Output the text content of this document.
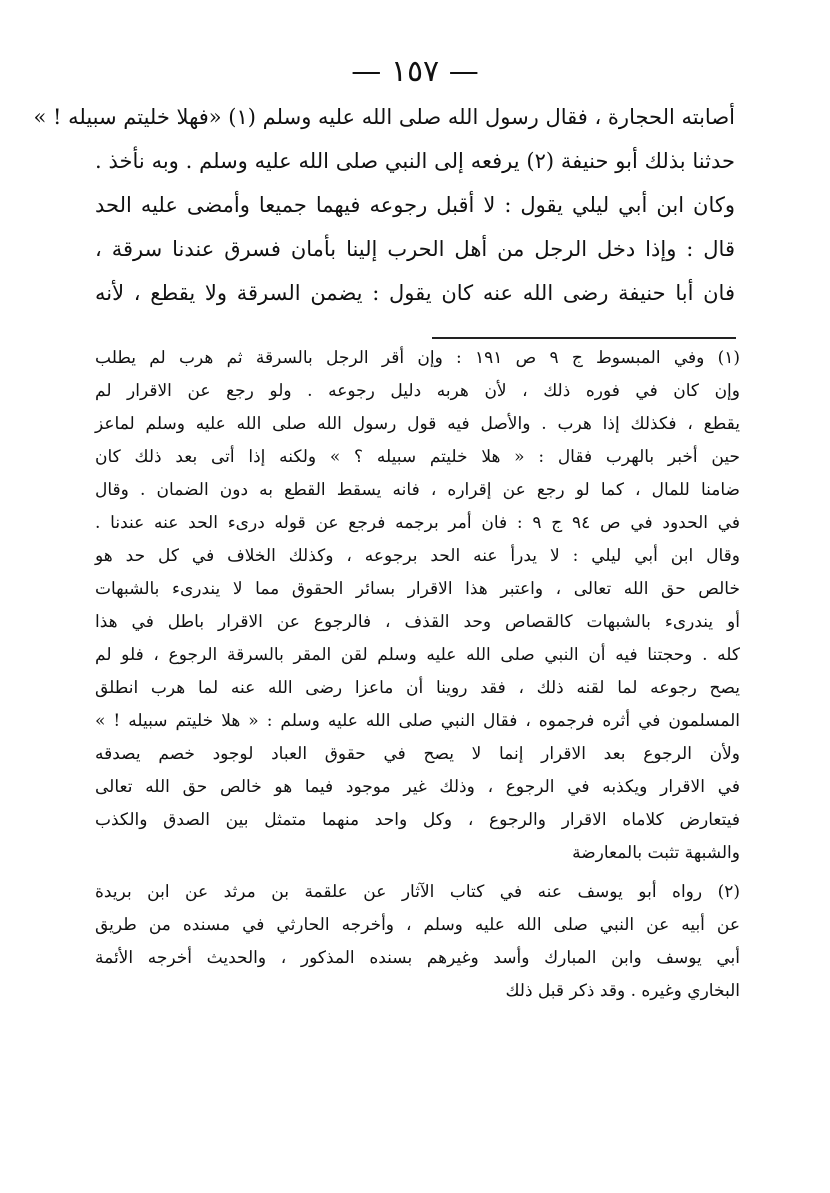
— ١٥٧ —
أصابته الحجارة ، فقال رسول الله صلى الله عليه وسلم (١) «فهلا خليتم سبيله ! »
حدثنا بذلك أبو حنيفة (٢) يرفعه إلى النبي صلى الله عليه وسلم . وبه نأخذ .
وكان ابن أبي ليلي يقول : لا أقبل رجوعه فيهما جميعا وأمضى عليه الحد
قال : وإذا دخل الرجل من أهل الحرب إلينا بأمان فسرق عندنا سرقة ،
فان أبا حنيفة رضى الله عنه كان يقول : يضمن السرقة ولا يقطع ، لأنه
(١) وفي المبسوط ج ٩ ص ١٩١ : وإن أقر الرجل بالسرقة ثم هرب لم يطلب
وإن كان في فوره ذلك ، لأن هربه دليل رجوعه . ولو رجع عن الاقرار لم
يقطع ، فكذلك إذا هرب . والأصل فيه قول رسول الله صلى الله عليه وسلم لماعز
حين أخبر بالهرب فقال : « هلا خليتم سبيله ؟ » ولكنه إذا أتى بعد ذلك كان
ضامنا للمال ، كما لو رجع عن إقراره ، فانه يسقط القطع به دون الضمان . وقال
في الحدود في ص ٩٤ ج ٩ : فان أمر برجمه فرجع عن قوله درىء الحد عنه عندنا .
وقال ابن أبي ليلي : لا يدرأ عنه الحد برجوعه ، وكذلك الخلاف في كل حد هو
خالص حق الله تعالى ، واعتبر هذا الاقرار بسائر الحقوق مما لا يندرىء بالشبهات
أو يندرىء بالشبهات كالقصاص وحد القذف ، فالرجوع عن الاقرار باطل في هذا
كله . وحجتنا فيه أن النبي صلى الله عليه وسلم لقن المقر بالسرقة الرجوع ، فلو لم
يصح رجوعه لما لقنه ذلك ، فقد روينا أن ماعزا رضى الله عنه لما هرب انطلق
المسلمون في أثره فرجموه ، فقال النبي صلى الله عليه وسلم : « هلا خليتم سبيله ! »
ولأن الرجوع بعد الاقرار إنما لا يصح في حقوق العباد لوجود خصم يصدقه
في الاقرار ويكذبه في الرجوع ، وذلك غير موجود فيما هو خالص حق الله تعالى
فيتعارض كلاماه الاقرار والرجوع ، وكل واحد منهما متمثل بين الصدق والكذب
والشبهة تثبت بالمعارضة
(٢) رواه أبو يوسف عنه في كتاب الآثار عن علقمة بن مرثد عن ابن بريدة
عن أبيه عن النبي صلى الله عليه وسلم ، وأخرجه الحارثي في مسنده من طريق
أبي يوسف وابن المبارك وأسد وغيرهم بسنده المذكور ، والحديث أخرجه الأئمة
البخاري وغيره . وقد ذكر قبل ذلك
